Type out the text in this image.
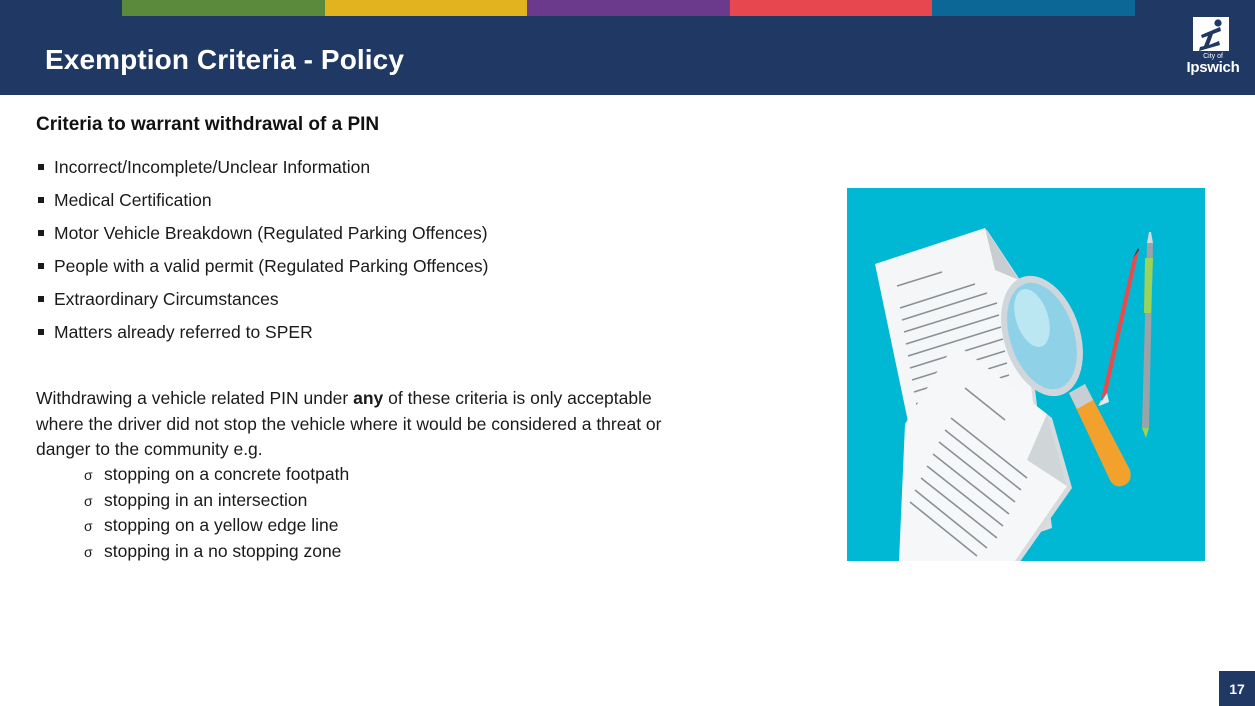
Exemption Criteria - Policy	City of
Ipswich
Criteria to warrant withdrawal of a PIN
Incorrect/Incomplete/Unclear Information
Medical Certification
Motor Vehicle Breakdown (Regulated Parking Offences)
People with a valid permit (Regulated Parking Offences)
Extraordinary Circumstances
Matters already referred to SPER
Withdrawing a vehicle related PIN under any of these criteria is only acceptable where the driver did not stop the vehicle where it would be considered a threat or danger to the community e.g.
σ stopping on a concrete footpath
σ stopping in an intersection
σ stopping on a yellow edge line
σ stopping in a no stopping zone
17
